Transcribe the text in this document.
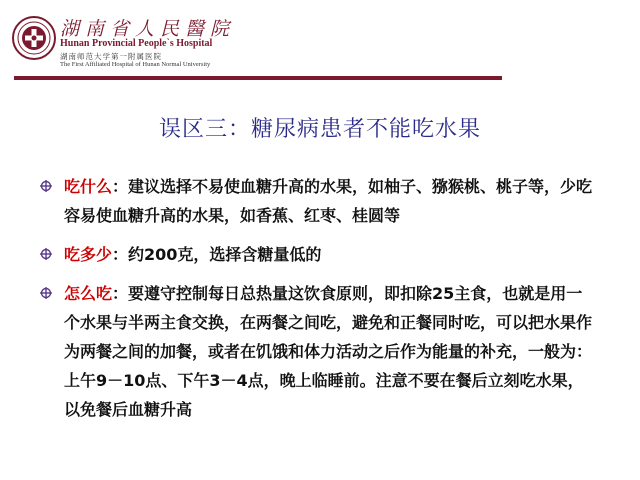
湖南省人民醫院
Hunan Provincial People`s Hospital
湖南师范大学第一附属医院
The First Affiliated Hospital of Hunan Normal University
误区三：糖尿病患者不能吃水果
吃什么：建议选择不易使血糖升高的水果，如柚子、猕猴桃、桃子等，少吃容易使血糖升高的水果，如香蕉、红枣、桂圆等
吃多少：约200克，选择含糖量低的
怎么吃：要遵守控制每日总热量这饮食原则，即扣除25主食，也就是用一个水果与半两主食交换，在两餐之间吃，避免和正餐同时吃，可以把水果作为两餐之间的加餐，或者在饥饿和体力活动之后作为能量的补充，一般为：上午9－10点、下午3－4点，晚上临睡前。注意不要在餐后立刻吃水果，以免餐后血糖升高
